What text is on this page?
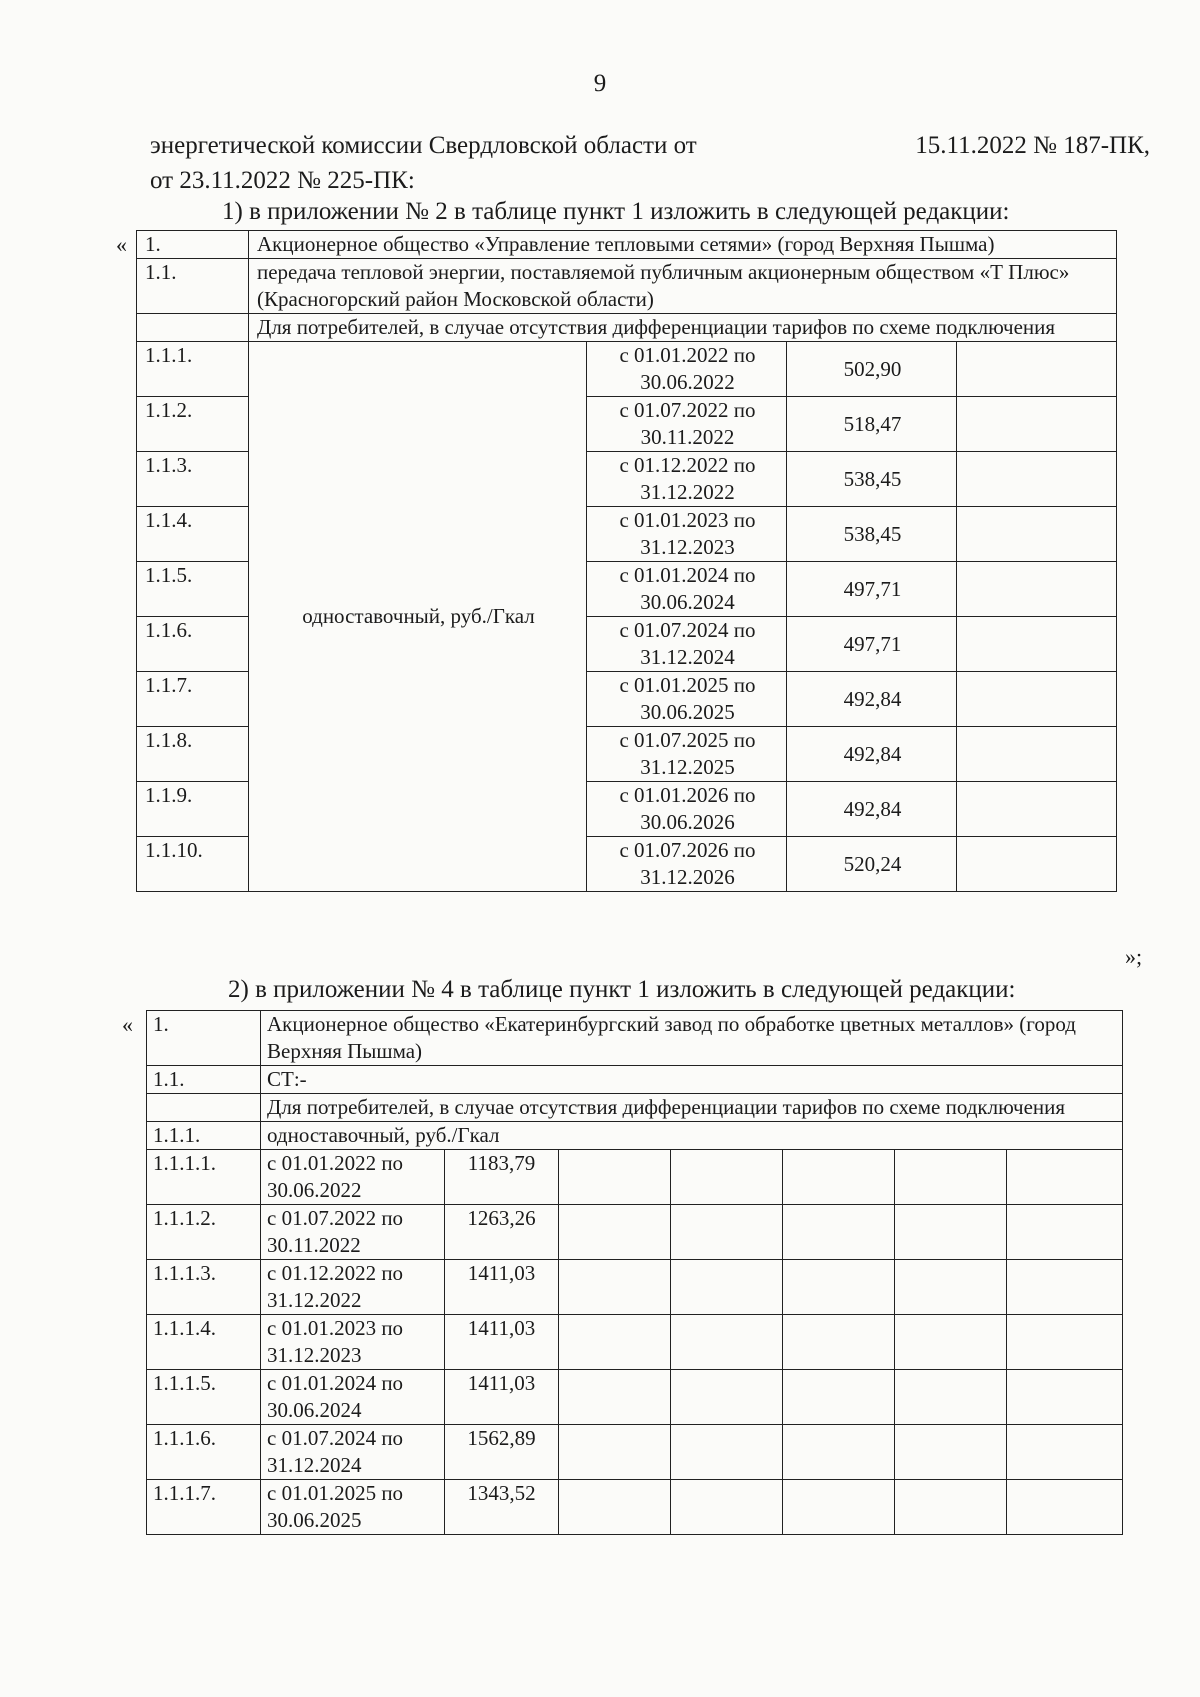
9
энергетической комиссии Свердловской области от	15.11.2022 № 187-ПК,
от 23.11.2022 № 225-ПК:
1) в приложении № 2 в таблице пункт 1 изложить в следующей редакции:
« 1.	Акционерное общество «Управление тепловыми сетями» (город Верхняя Пышма)			
1.1.	передача тепловой энергии, поставляемой публичным акционерным обществом «Т Плюс» (Красногорский район Московской области)			
	Для потребителей, в случае отсутствия дифференциации тарифов по схеме подключения			
1.1.1.	одноставочный, руб./Гкал	с 01.01.2022 по 30.06.2022	502,90	
1.1.2.		с 01.07.2022 по 30.11.2022	518,47	
1.1.3.		с 01.12.2022 по 31.12.2022	538,45	
1.1.4.		с 01.01.2023 по 31.12.2023	538,45	
1.1.5.		с 01.01.2024 по 30.06.2024	497,71	
1.1.6.		с 01.07.2024 по 31.12.2024	497,71	
1.1.7.		с 01.01.2025 по 30.06.2025	492,84	
1.1.8.		с 01.07.2025 по 31.12.2025	492,84	
1.1.9.		с 01.01.2026 по 30.06.2026	492,84	
1.1.10.		с 01.07.2026 по 31.12.2026	520,24	
»;
2) в приложении № 4 в таблице пункт 1 изложить в следующей редакции:
« 1.	Акционерное общество «Екатеринбургский завод по обработке цветных металлов» (город Верхняя Пышма)						
1.1.	СТ:-						
	Для потребителей, в случае отсутствия дифференциации тарифов по схеме подключения						
1.1.1.	одноставочный, руб./Гкал						
1.1.1.1.	с 01.01.2022 по 30.06.2022	1183,79					
1.1.1.2.	с 01.07.2022 по 30.11.2022	1263,26					
1.1.1.3.	с 01.12.2022 по 31.12.2022	1411,03					
1.1.1.4.	с 01.01.2023 по 31.12.2023	1411,03					
1.1.1.5.	с 01.01.2024 по 30.06.2024	1411,03					
1.1.1.6.	с 01.07.2024 по 31.12.2024	1562,89					
1.1.1.7.	с 01.01.2025 по 30.06.2025	1343,52					
